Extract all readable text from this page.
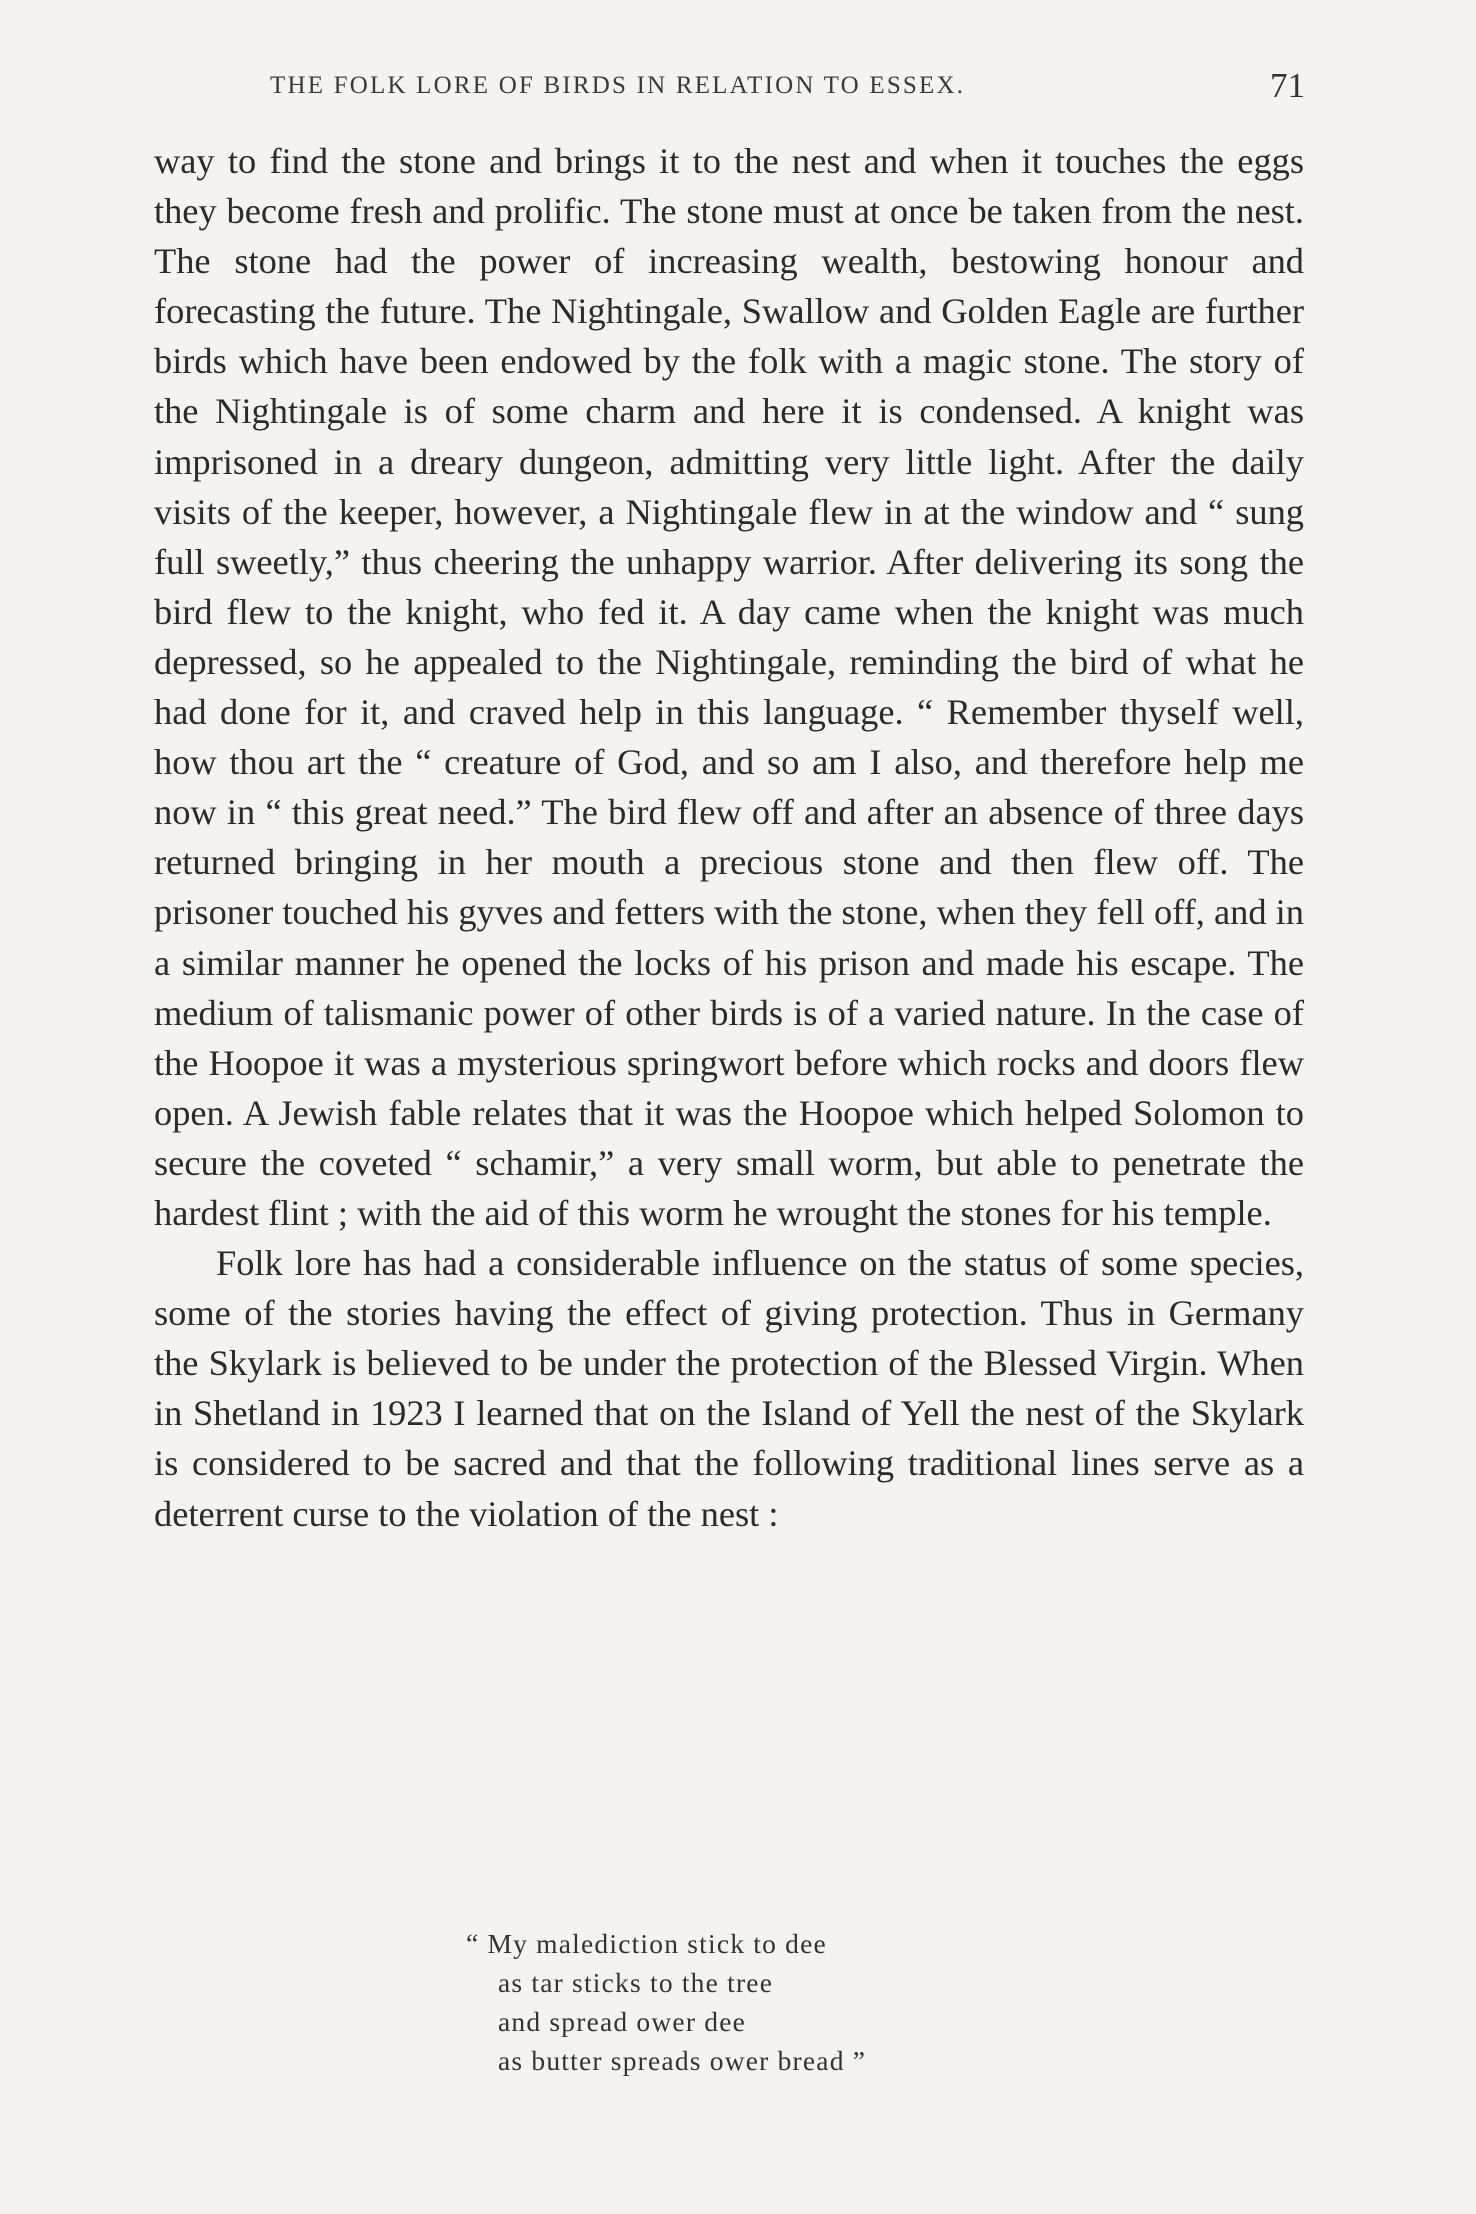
THE FOLK LORE OF BIRDS IN RELATION TO ESSEX.	71

way to find the stone and brings it to the nest and when it touches the eggs they become fresh and prolific. The stone must at once be taken from the nest. The stone had the power of increasing wealth, bestowing honour and forecasting the future. The Nightingale, Swallow and Golden Eagle are further birds which have been endowed by the folk with a magic stone. The story of the Nightingale is of some charm and here it is condensed. A knight was imprisoned in a dreary dungeon, admitting very little light. After the daily visits of the keeper, however, a Nightingale flew in at the window and “ sung full sweetly,” thus cheering the unhappy warrior. After delivering its song the bird flew to the knight, who fed it. A day came when the knight was much depressed, so he appealed to the Nightingale, reminding the bird of what he had done for it, and craved help in this language. “ Remember thyself well, how thou art the “ creature of God, and so am I also, and therefore help me now in “ this great need.” The bird flew off and after an absence of three days returned bringing in her mouth a precious stone and then flew off. The prisoner touched his gyves and fetters with the stone, when they fell off, and in a similar manner he opened the locks of his prison and made his escape. The medium of talismanic power of other birds is of a varied nature. In the case of the Hoopoe it was a mysterious springwort before which rocks and doors flew open. A Jewish fable relates that it was the Hoopoe which helped Solomon to secure the coveted “ schamir,” a very small worm, but able to penetrate the hardest flint ; with the aid of this worm he wrought the stones for his temple.

Folk lore has had a considerable influence on the status of some species, some of the stories having the effect of giving protection. Thus in Germany the Skylark is believed to be under the protection of the Blessed Virgin. When in Shetland in 1923 I learned that on the Island of Yell the nest of the Skylark is considered to be sacred and that the following traditional lines serve as a deterrent curse to the violation of the nest :

“ My malediction stick to dee
as tar sticks to the tree
and spread ower dee
as butter spreads ower bread ”
